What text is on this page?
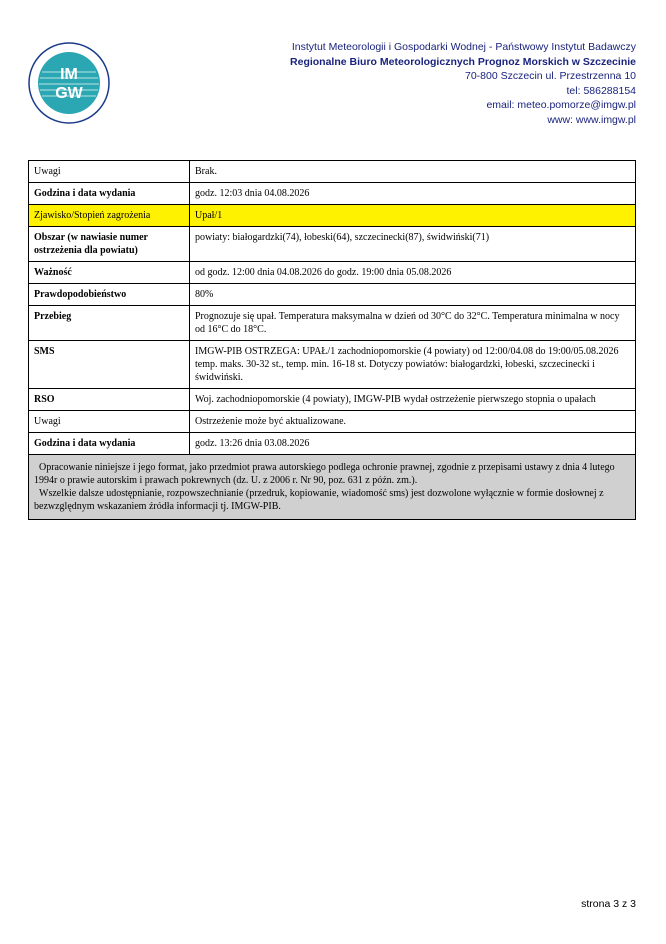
IM
GW
Instytut Meteorologii i Gospodarki Wodnej - Państwowy Instytut Badawczy
Regionalne Biuro Meteorologicznych Prognoz Morskich w Szczecinie
70-800 Szczecin ul. Przestrzenna 10
tel: 586288154
email: meteo.pomorze@imgw.pl
www: www.imgw.pl
Uwagi	Brak.
Godzina i data wydania	godz. 12:03 dnia 04.08.2026
Zjawisko/Stopień zagrożenia	Upał/1
Obszar (w nawiasie numer ostrzeżenia dla powiatu)	powiaty: białogardzki(74), łobeski(64), szczecinecki(87), świdwiński(71)
Ważność	od godz. 12:00 dnia 04.08.2026 do godz. 19:00 dnia 05.08.2026
Prawdopodobieństwo	80%
Przebieg	Prognozuje się upał. Temperatura maksymalna w dzień od 30°C do 32°C. Temperatura minimalna w nocy od 16°C do 18°C.
SMS	IMGW-PIB OSTRZEGA: UPAŁ/1 zachodniopomorskie (4 powiaty) od 12:00/04.08 do 19:00/05.08.2026 temp. maks. 30-32 st., temp. min. 16-18 st. Dotyczy powiatów: białogardzki, łobeski, szczecinecki i świdwiński.
RSO	Woj. zachodniopomorskie (4 powiaty), IMGW-PIB wydał ostrzeżenie pierwszego stopnia o upałach
Uwagi	Ostrzeżenie może być aktualizowane.
Godzina i data wydania	godz. 13:26 dnia 03.08.2026

Opracowanie niniejsze i jego format, jako przedmiot prawa autorskiego podlega ochronie prawnej, zgodnie z przepisami ustawy z dnia 4 lutego 1994r o prawie autorskim i prawach pokrewnych (dz. U. z 2006 r. Nr 90, poz. 631 z późn. zm.).
Wszelkie dalsze udostępnianie, rozpowszechnianie (przedruk, kopiowanie, wiadomość sms) jest dozwolone wyłącznie w formie dosłownej z bezwzględnym wskazaniem źródła informacji tj. IMGW-PIB.	
strona 3 z 3
